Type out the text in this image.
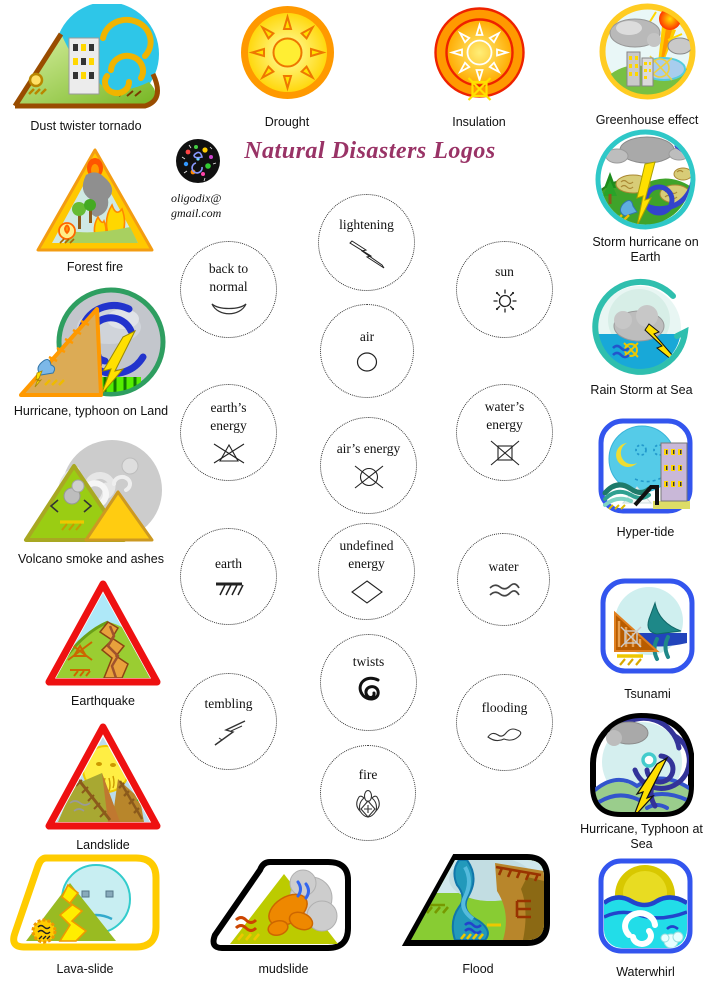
Natural Disasters Logos
oligodix@
gmail.com
Dust twister tornado	Drought	Insulation	Greenhouse effect
Forest fire
Hurricane, typhoon on Land
Volcano smoke and ashes
Earthquake
Landslide
Lava-slide
Storm hurricane on Earth
Rain Storm at Sea
Hyper-tide
Tsunami
Hurricane, Typhoon at Sea
Waterwhirl
mudslide	Flood
back to normal
lightening
sun
air
earth’s energy
air’s energy
water’s energy
earth
undefined energy	water
twists
tembling	flooding
fire
